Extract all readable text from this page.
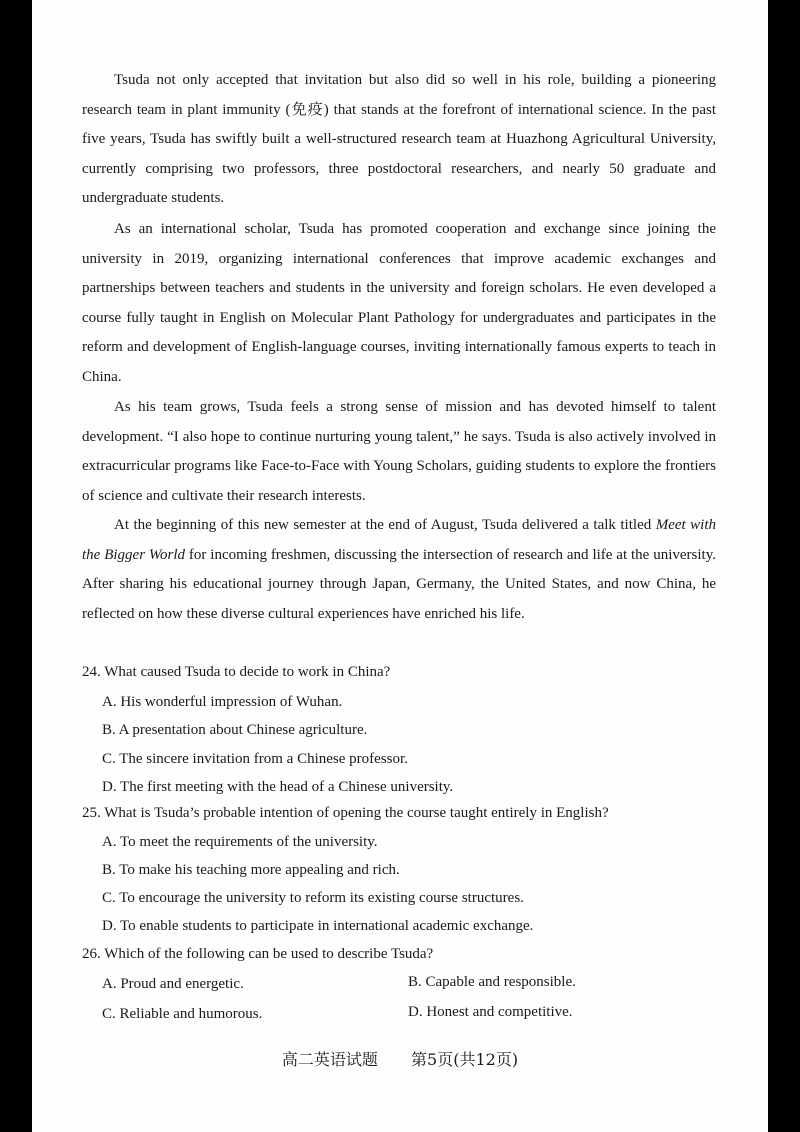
Tsuda not only accepted that invitation but also did so well in his role, building a pioneering research team in plant immunity (免疫) that stands at the forefront of international science. In the past five years, Tsuda has swiftly built a well-structured research team at Huazhong Agricultural University, currently comprising two professors, three postdoctoral researchers, and nearly 50 graduate and undergraduate students.

As an international scholar, Tsuda has promoted cooperation and exchange since joining the university in 2019, organizing international conferences that improve academic exchanges and partnerships between teachers and students in the university and foreign scholars. He even developed a course fully taught in English on Molecular Plant Pathology for undergraduates and participates in the reform and development of English-language courses, inviting internationally famous experts to teach in China.

As his team grows, Tsuda feels a strong sense of mission and has devoted himself to talent development. “I also hope to continue nurturing young talent,” he says. Tsuda is also actively involved in extracurricular programs like Face-to-Face with Young Scholars, guiding students to explore the frontiers of science and cultivate their research interests.

At the beginning of this new semester at the end of August, Tsuda delivered a talk titled Meet with the Bigger World for incoming freshmen, discussing the intersection of research and life at the university. After sharing his educational journey through Japan, Germany, the United States, and now China, he reflected on how these diverse cultural experiences have enriched his life.

24. What caused Tsuda to decide to work in China?

A. His wonderful impression of Wuhan.
B. A presentation about Chinese agriculture.
C. The sincere invitation from a Chinese professor.
D. The first meeting with the head of a Chinese university.

25. What is Tsuda’s probable intention of opening the course taught entirely in English?

A. To meet the requirements of the university.
B. To make his teaching more appealing and rich.
C. To encourage the university to reform its existing course structures.
D. To enable students to participate in international academic exchange.

26. Which of the following can be used to describe Tsuda?

A. Proud and energetic.	B. Capable and responsible.
C. Reliable and humorous.	D. Honest and competitive.
高二英语试题 第5页(共12页)
